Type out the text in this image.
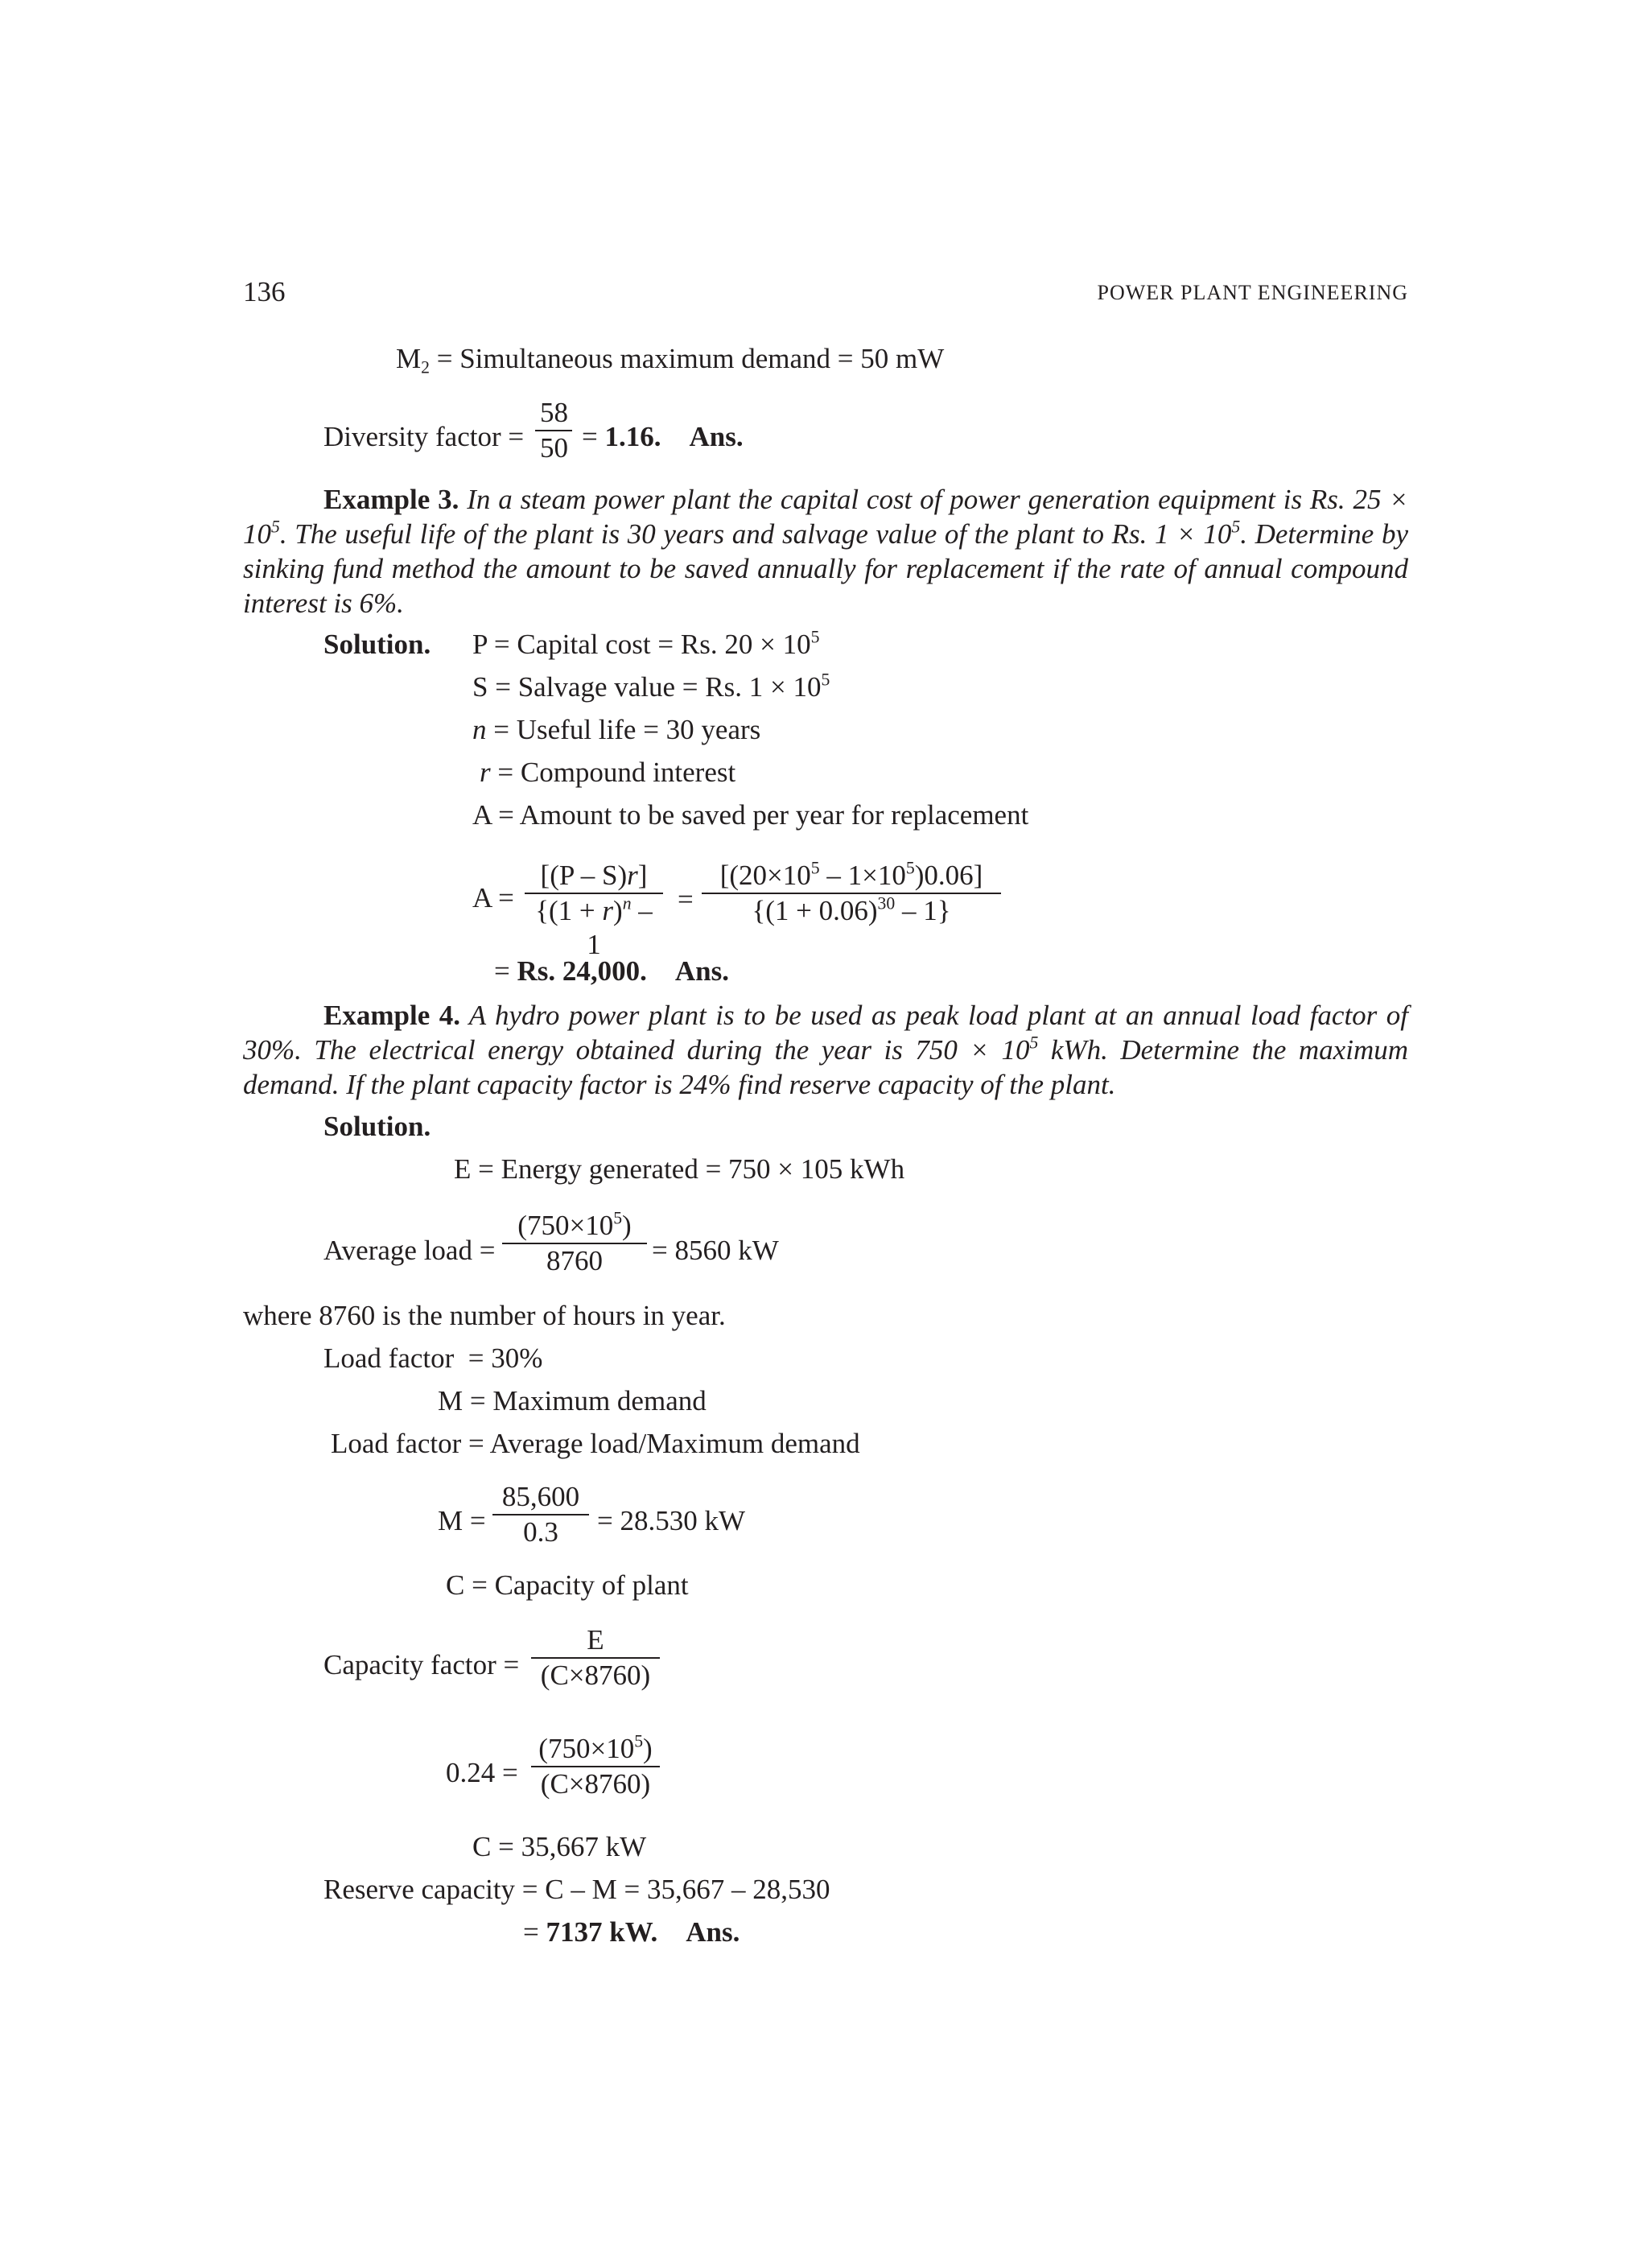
136	POWER PLANT ENGINEERING
$M_2$ = Simultaneous maximum demand = 50 mW
Diversity factor = $\frac{58}{50} = 1.16$. Ans.
Example 3. In a steam power plant the capital cost of power generation equipment is Rs. $25 \times 10^5$. The useful life of the plant is 30 years and salvage value of the plant to Rs. $1 \times 10^5$. Determine by sinking fund method the amount to be saved annually for replacement if the rate of annual compound interest is 6%.
Solution. P = Capital cost = Rs. $20 \times 10^5$
S = Salvage value = Rs. $1 \times 10^5$
n = Useful life = 30 years
r = Compound interest
A = Amount to be saved per year for replacement
$A = \frac{[(P - S)r]}{\{(1 + r)^n - 1} = \frac{[(20\times 10^5 - 1\times 10^5)0.06]}{\{(1 + 0.06)^{30} - 1\}}$
= Rs. 24,000. Ans.
Example 4. A hydro power plant is to be used as peak load plant at an annual load factor of 30%. The electrical energy obtained during the year is $750 \times 10^5$ kWh. Determine the maximum demand. If the plant capacity factor is 24% find reserve capacity of the plant.
Solution.
E = Energy generated = 750 × 105 kWh
Average load = $\frac{(750\times 10^5)}{8760} = 8560$ kW
where 8760 is the number of hours in year.
Load factor  = 30%
M = Maximum demand
Load factor = Average load/Maximum demand
$M = \frac{85,600}{0.3} = 28.530$ kW
C = Capacity of plant
Capacity factor = $\frac{E}{(C\times 8760)}$
$0.24 = \frac{(750\times 10^5)}{(C\times 8760)}$
C = 35,667 kW
Reserve capacity = C – M = 35,667 – 28,530
= 7137 kW. Ans.
